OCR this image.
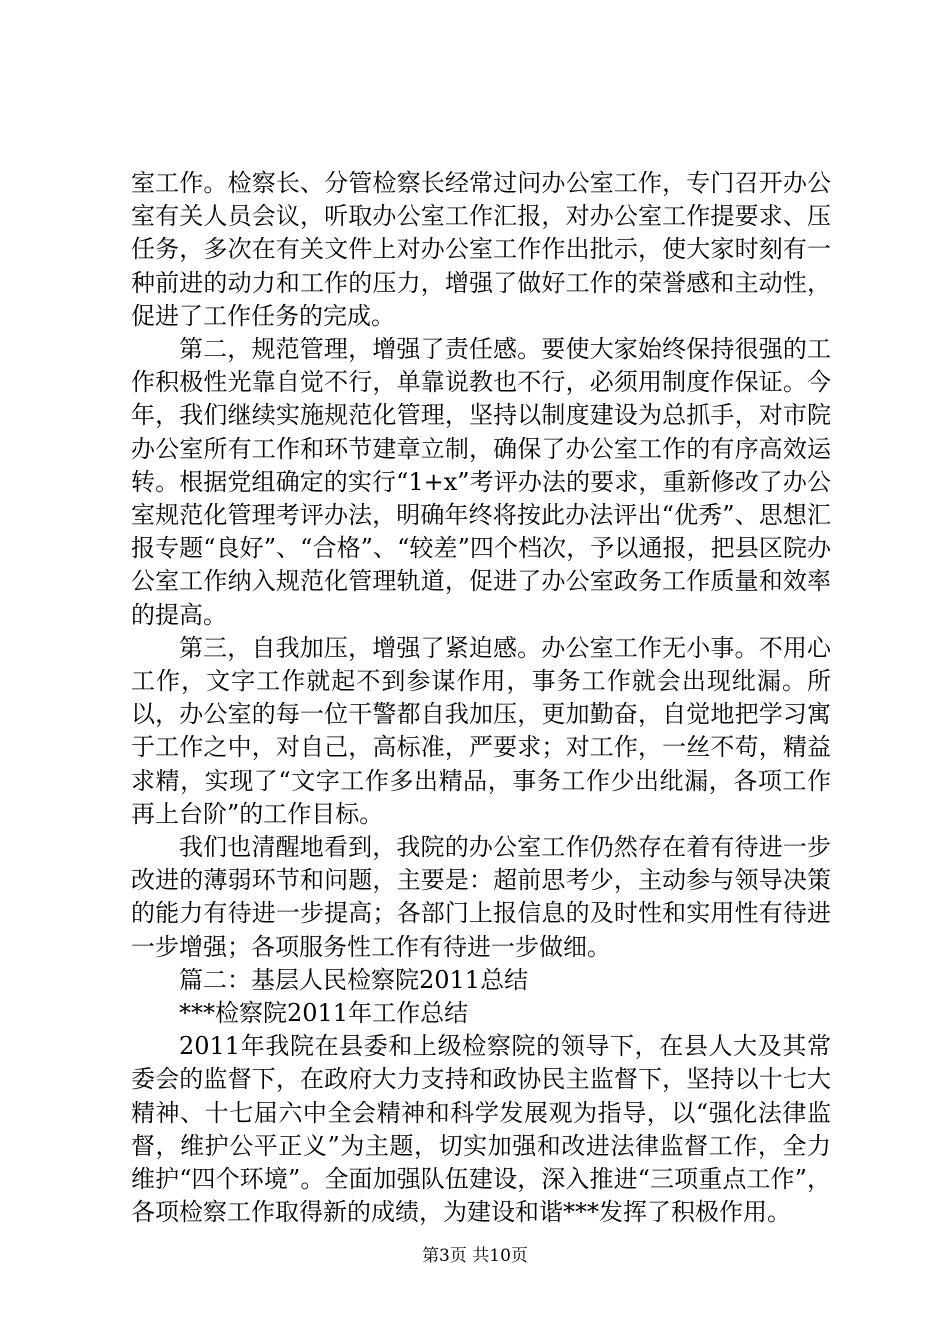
室工作。检察长、分管检察长经常过问办公室工作，专门召开办公室有关人员会议，听取办公室工作汇报，对办公室工作提要求、压任务，多次在有关文件上对办公室工作作出批示，使大家时刻有一种前进的动力和工作的压力，增强了做好工作的荣誉感和主动性，促进了工作任务的完成。

第二，规范管理，增强了责任感。要使大家始终保持很强的工作积极性光靠自觉不行，单靠说教也不行，必须用制度作保证。今年，我们继续实施规范化管理，坚持以制度建设为总抓手，对市院办公室所有工作和环节建章立制，确保了办公室工作的有序高效运转。根据党组确定的实行“1+x”考评办法的要求，重新修改了办公室规范化管理考评办法，明确年终将按此办法评出“优秀”、思想汇报专题“良好”、“合格”、“较差”四个档次，予以通报，把县区院办公室工作纳入规范化管理轨道，促进了办公室政务工作质量和效率的提高。

第三，自我加压，增强了紧迫感。办公室工作无小事。不用心工作，文字工作就起不到参谋作用，事务工作就会出现纰漏。所以，办公室的每一位干警都自我加压，更加勤奋，自觉地把学习寓于工作之中，对自己，高标准，严要求；对工作，一丝不苟，精益求精，实现了“文字工作多出精品，事务工作少出纰漏，各项工作再上台阶”的工作目标。

我们也清醒地看到，我院的办公室工作仍然存在着有待进一步改进的薄弱环节和问题，主要是：超前思考少，主动参与领导决策的能力有待进一步提高；各部门上报信息的及时性和实用性有待进一步增强；各项服务性工作有待进一步做细。

篇二：基层人民检察院2011总结

***检察院2011年工作总结

2011年我院在县委和上级检察院的领导下，在县人大及其常委会的监督下，在政府大力支持和政协民主监督下，坚持以十七大精神、十七届六中全会精神和科学发展观为指导，以“强化法律监督，维护公平正义”为主题，切实加强和改进法律监督工作，全力维护“四个环境”。全面加强队伍建设，深入推进“三项重点工作”，各项检察工作取得新的成绩，为建设和谐***发挥了积极作用。

第3页 共10页
